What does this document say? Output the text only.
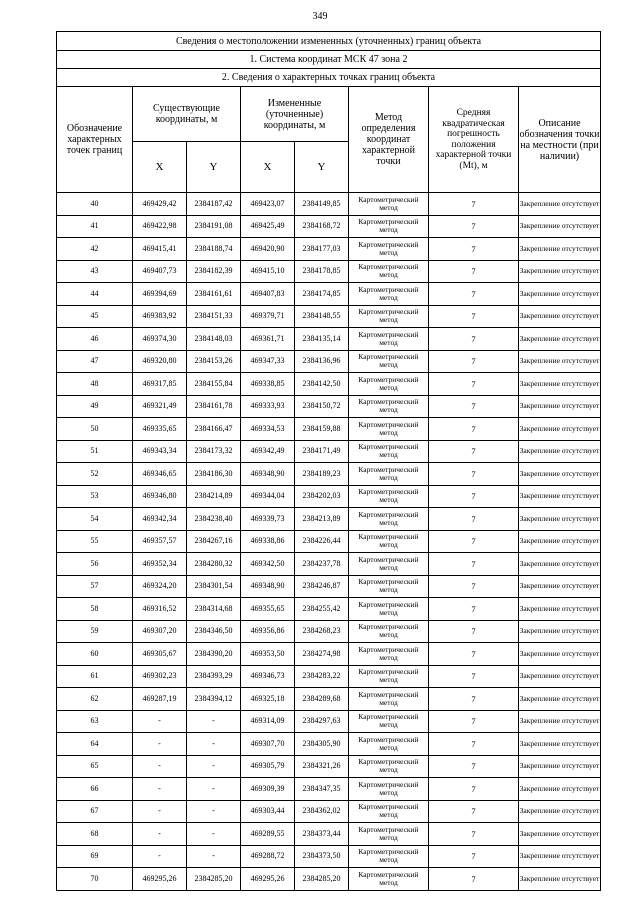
349
Сведения о местоположении измененных (уточненных) границ объекта							
1. Система координат МСК 47 зона 2							
2. Сведения о характерных точках границ объекта							
Обозначение характерных точек границ	Существующие координаты, м		Измененные (уточненные) координаты, м		Метод определения координат характерной точки	Средняя квадратическая погрешность положения характерной точки (Mt), м	Описание обозначения точки на местности (при наличии)
	X	Y	X	Y			
40	469429,42	2384187,42	469423,07	2384149,85	Картометрический метод	7	Закрепление отсутствует
41	469422,98	2384191,08	469425,49	2384168,72	Картометрический метод	7	Закрепление отсутствует
42	469415,41	2384188,74	469420,90	2384177,03	Картометрический метод	7	Закрепление отсутствует
43	469407,73	2384182,39	469415,10	2384178,85	Картометрический метод	7	Закрепление отсутствует
44	469394,69	2384161,61	469407,83	2384174,85	Картометрический метод	7	Закрепление отсутствует
45	469383,92	2384151,33	469379,71	2384148,55	Картометрический метод	7	Закрепление отсутствует
46	469374,30	2384148,03	469361,71	2384135,14	Картометрический метод	7	Закрепление отсутствует
47	469320,80	2384153,26	469347,33	2384136,96	Картометрический метод	7	Закрепление отсутствует
48	469317,85	2384155,84	469338,85	2384142,50	Картометрический метод	7	Закрепление отсутствует
49	469321,49	2384161,78	469333,93	2384150,72	Картометрический метод	7	Закрепление отсутствует
50	469335,65	2384166,47	469334,53	2384159,88	Картометрический метод	7	Закрепление отсутствует
51	469343,34	2384173,32	469342,49	2384171,49	Картометрический метод	7	Закрепление отсутствует
52	469346,65	2384186,30	469348,90	2384189,23	Картометрический метод	7	Закрепление отсутствует
53	469346,80	2384214,89	469344,04	2384202,03	Картометрический метод	7	Закрепление отсутствует
54	469342,34	2384238,40	469339,73	2384213,89	Картометрический метод	7	Закрепление отсутствует
55	469357,57	2384267,16	469338,86	2384226,44	Картометрический метод	7	Закрепление отсутствует
56	469352,34	2384280,32	469342,50	2384237,78	Картометрический метод	7	Закрепление отсутствует
57	469324,20	2384301,54	469348,90	2384246,87	Картометрический метод	7	Закрепление отсутствует
58	469316,52	2384314,68	469355,65	2384255,42	Картометрический метод	7	Закрепление отсутствует
59	469307,20	2384346,50	469356,86	2384268,23	Картометрический метод	7	Закрепление отсутствует
60	469305,67	2384390,20	469353,50	2384274,98	Картометрический метод	7	Закрепление отсутствует
61	469302,23	2384393,29	469346,73	2384283,22	Картометрический метод	7	Закрепление отсутствует
62	469287,19	2384394,12	469325,18	2384289,68	Картометрический метод	7	Закрепление отсутствует
63	-	-	469314,09	2384297,63	Картометрический метод	7	Закрепление отсутствует
64	-	-	469307,70	2384305,90	Картометрический метод	7	Закрепление отсутствует
65	-	-	469305,79	2384321,26	Картометрический метод	7	Закрепление отсутствует
66	-	-	469309,39	2384347,35	Картометрический метод	7	Закрепление отсутствует
67	-	-	469303,44	2384362,02	Картометрический метод	7	Закрепление отсутствует
68	-	-	469289,55	2384373,44	Картометрический метод	7	Закрепление отсутствует
69	-	-	469288,72	2384373,50	Картометрический метод	7	Закрепление отсутствует
70	469295,26	2384285,20	469295,26	2384285,20	Картометрический метод	7	Закрепление отсутствует
